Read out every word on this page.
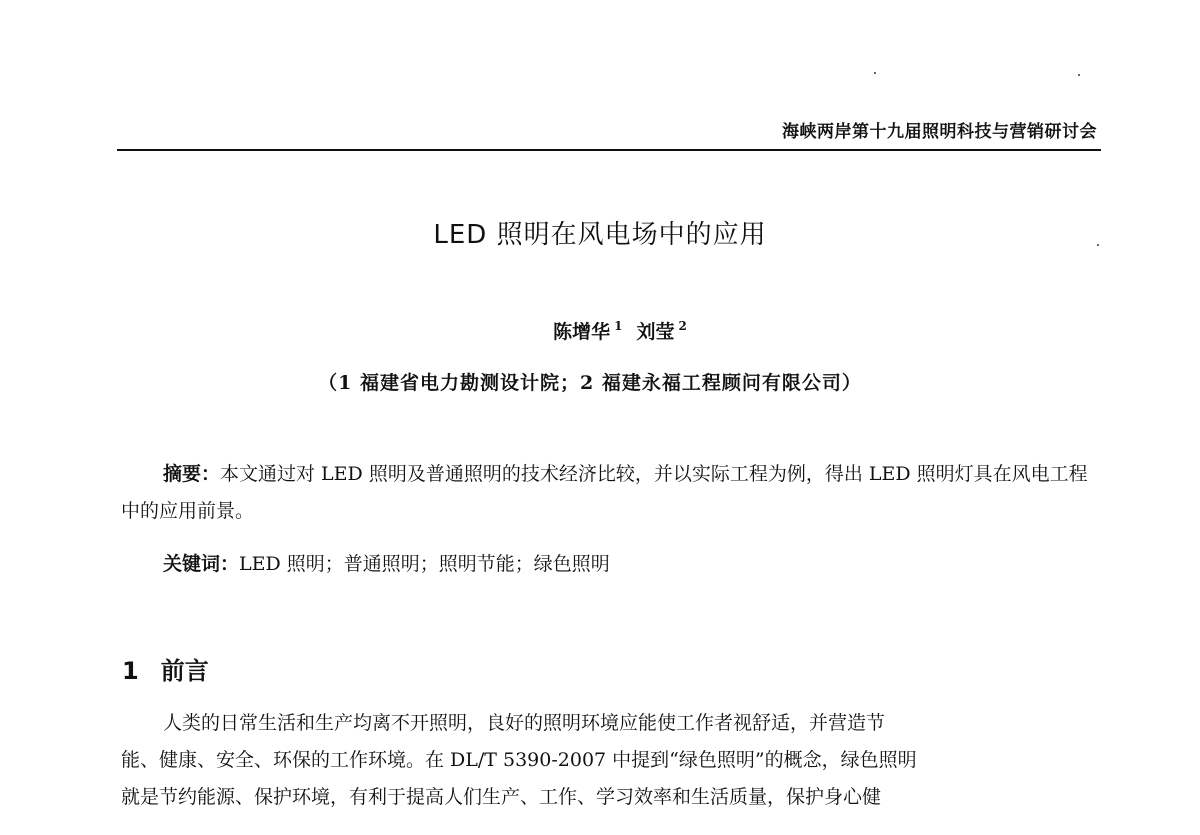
海峡两岸第十九届照明科技与营销研讨会
LED 照明在风电场中的应用
陈增华 $^1$ 刘莹 $^2$
（1 福建省电力勘测设计院；2 福建永福工程顾问有限公司）

摘要：本文通过对 LED 照明及普通照明的技术经济比较，并以实际工程为例，得出 LED 照明灯具在风电工程中的应用前景。

关键词：LED 照明；普通照明；照明节能；绿色照明
1 前言

人类的日常生活和生产均离不开照明，良好的照明环境应能使工作者视舒适，并营造节

能、健康、安全、环保的工作环境。在 DL/T 5390-2007 中提到“绿色照明”的概念，绿色照明

就是节约能源、保护环境，有利于提高人们生产、工作、学习效率和生活质量，保护身心健
